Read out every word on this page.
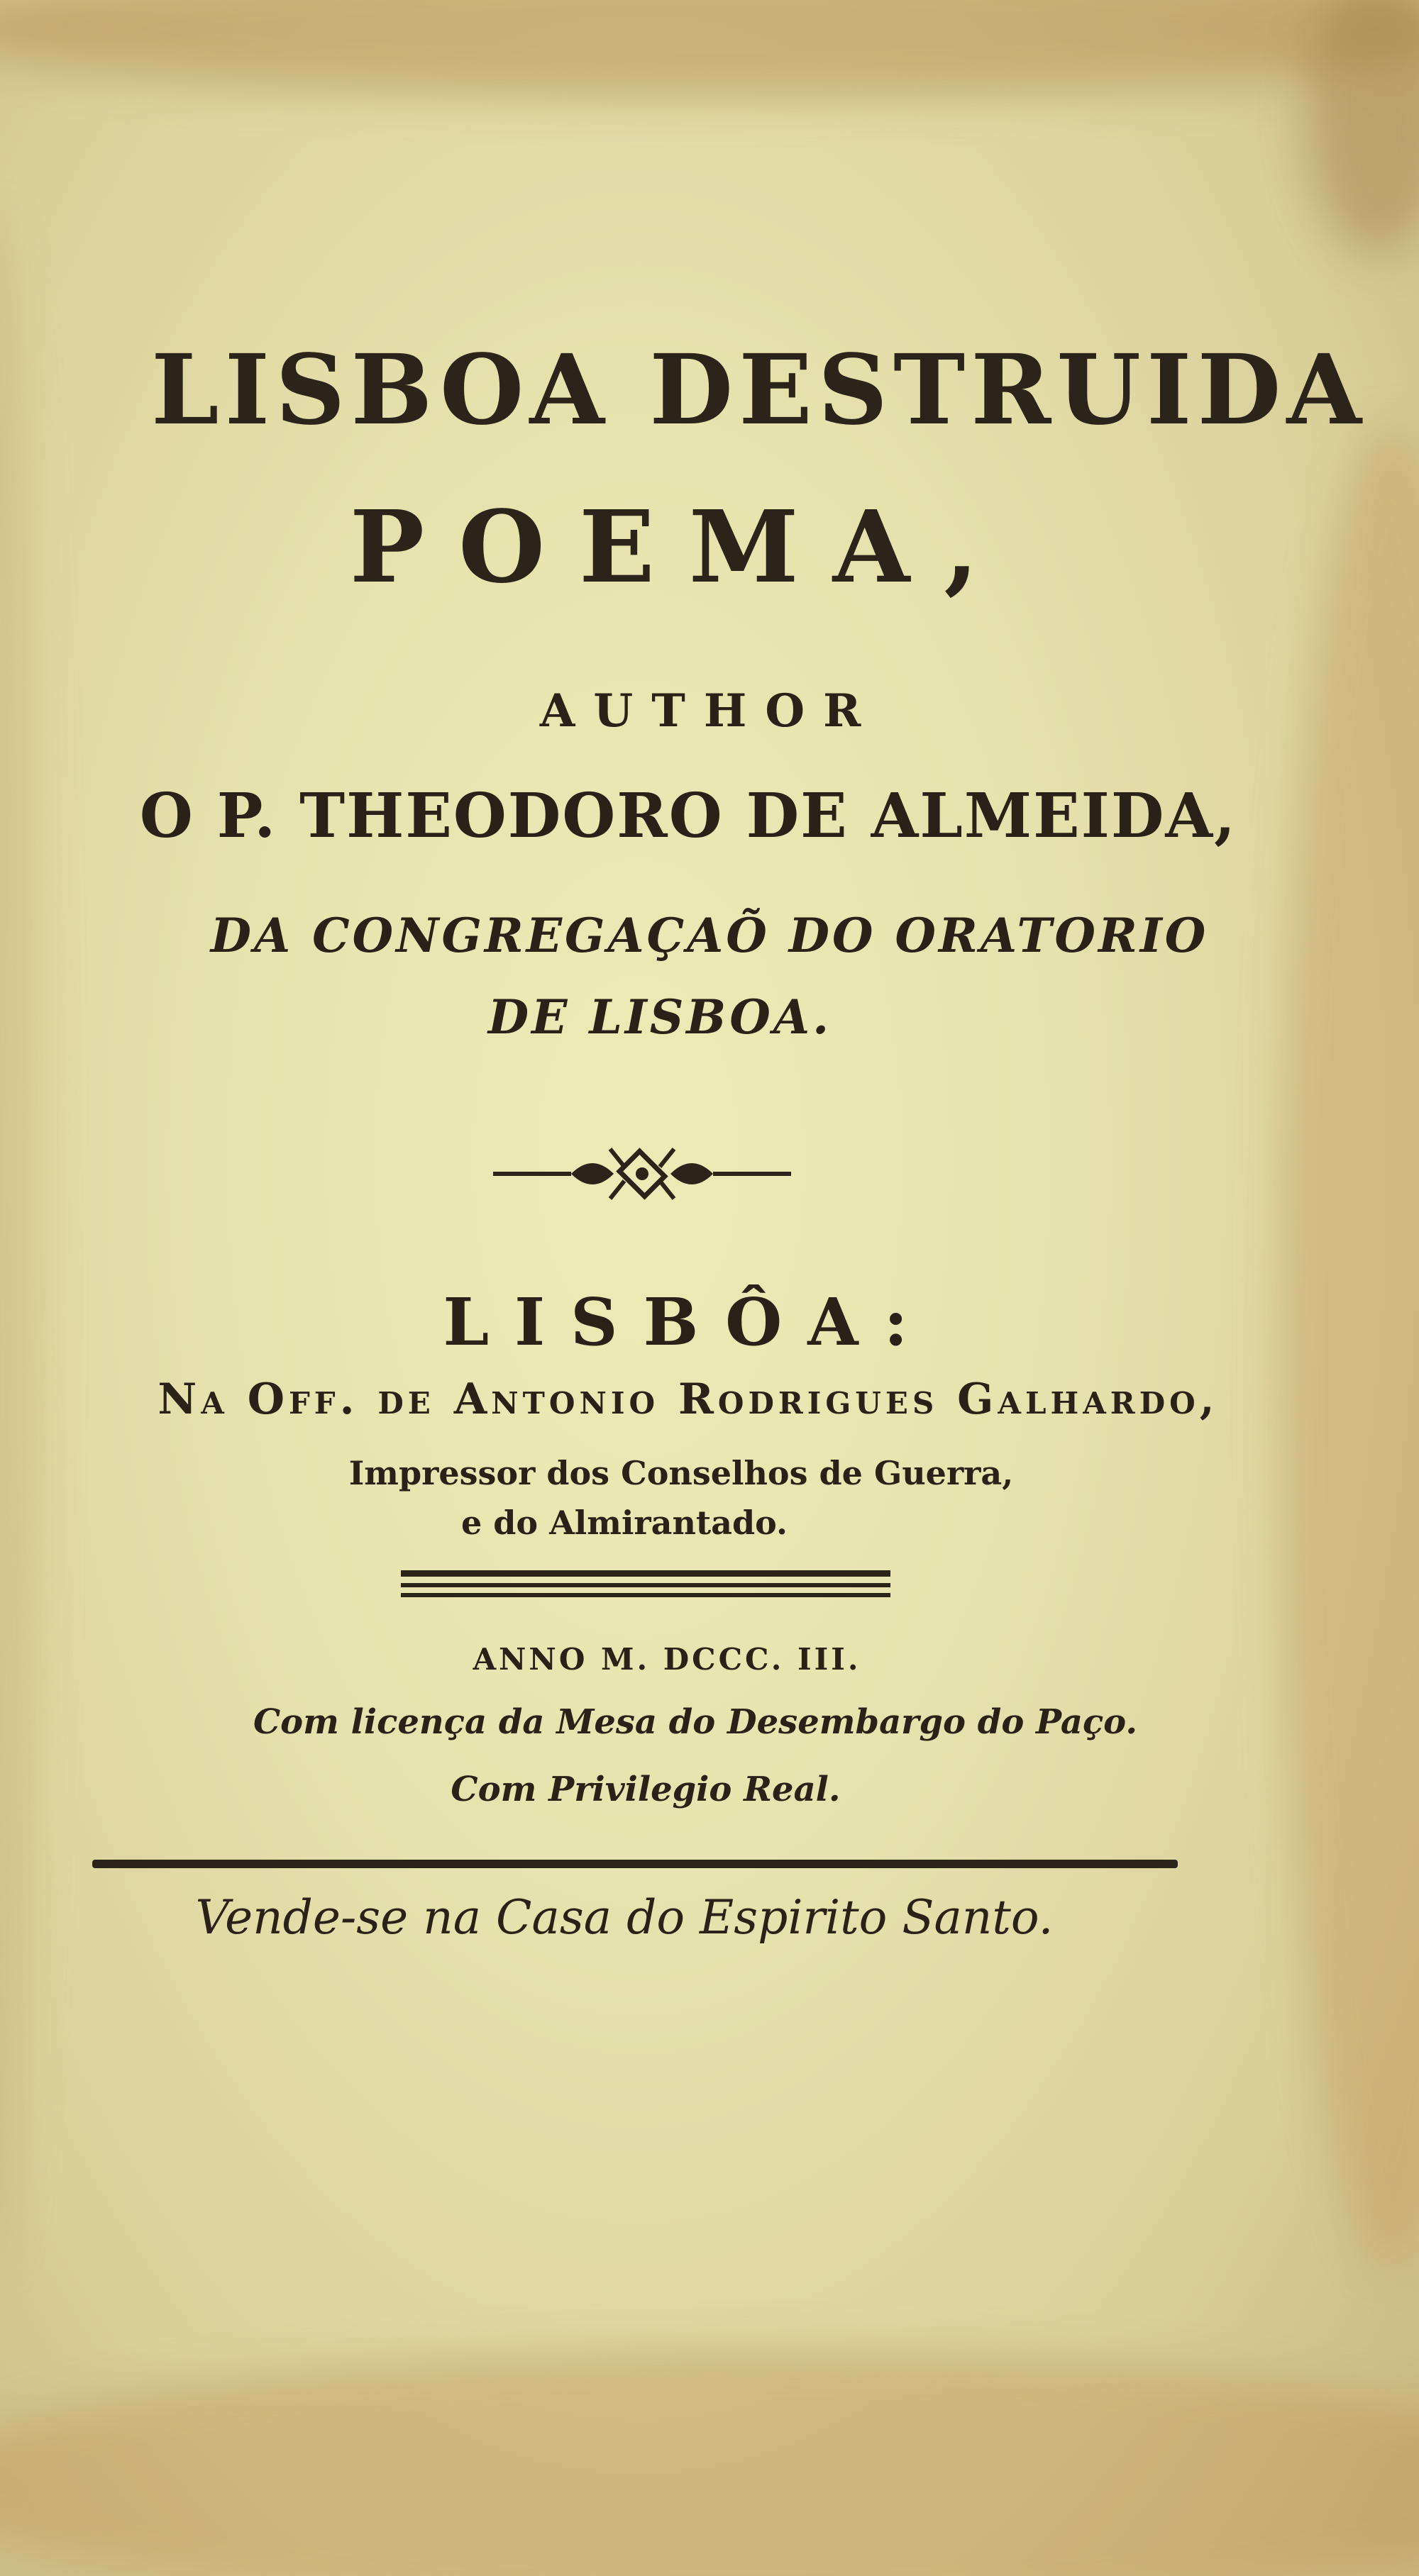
LISBOA DESTRUIDA
POEMA,
AUTHOR
O P. THEODORO DE ALMEIDA,
DA CONGREGAÇAÕ DO ORATORIO
DE LISBOA.
LISBÔA:
Na Off. de Antonio Rodrigues Galhardo,
Impressor dos Conselhos de Guerra,
e do Almirantado.
ANNO M. DCCC. III.
Com licença da Mesa do Desembargo do Paço.
Com Privilegio Real.
Vende-se na Casa do Espirito Santo.
